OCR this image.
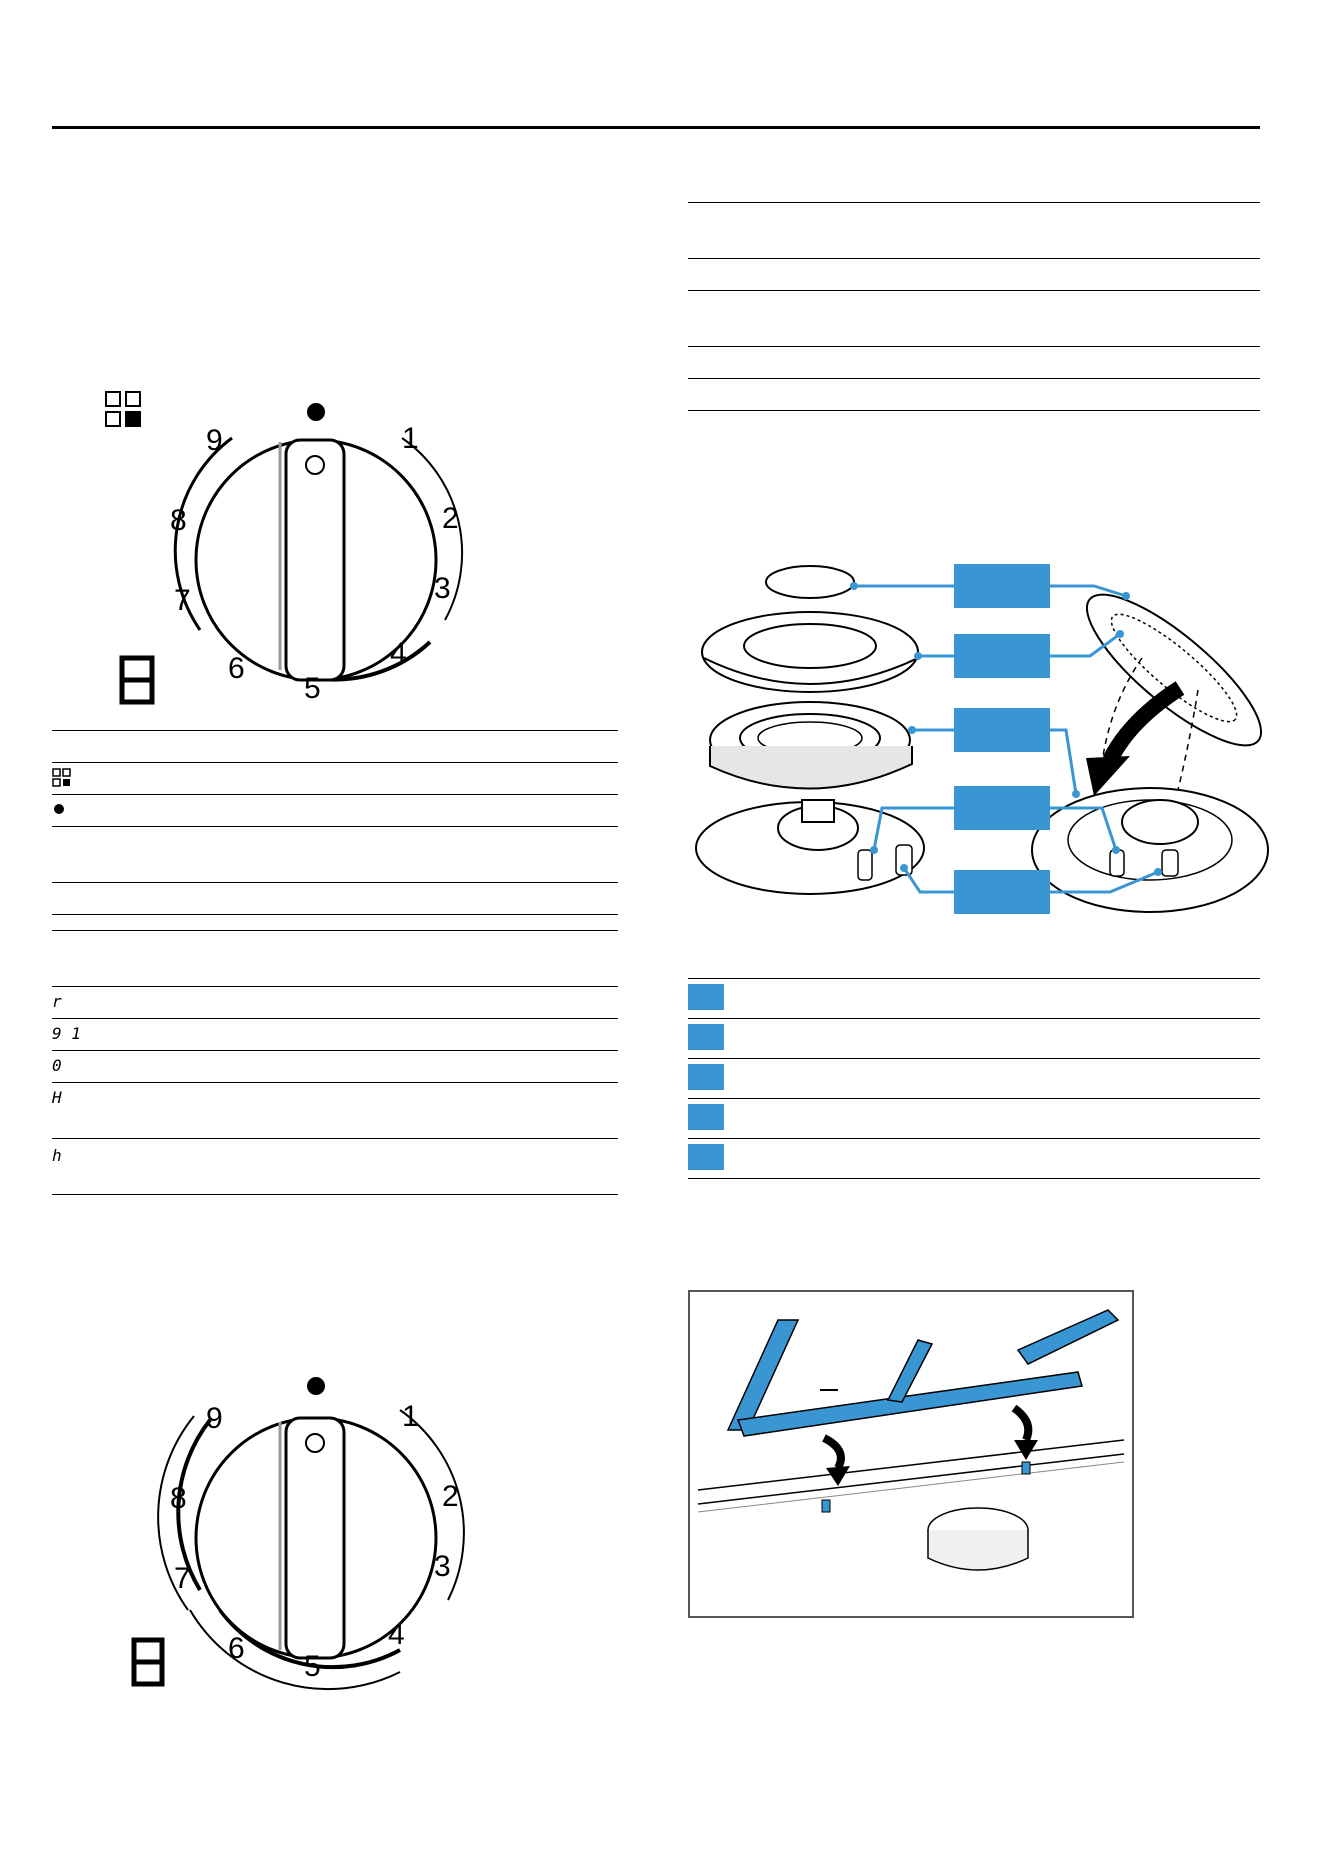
1
2
3
4
5
6
7
8
9
r
9 1
0
H
h
1
2
3
4
5
6
7
8
9
